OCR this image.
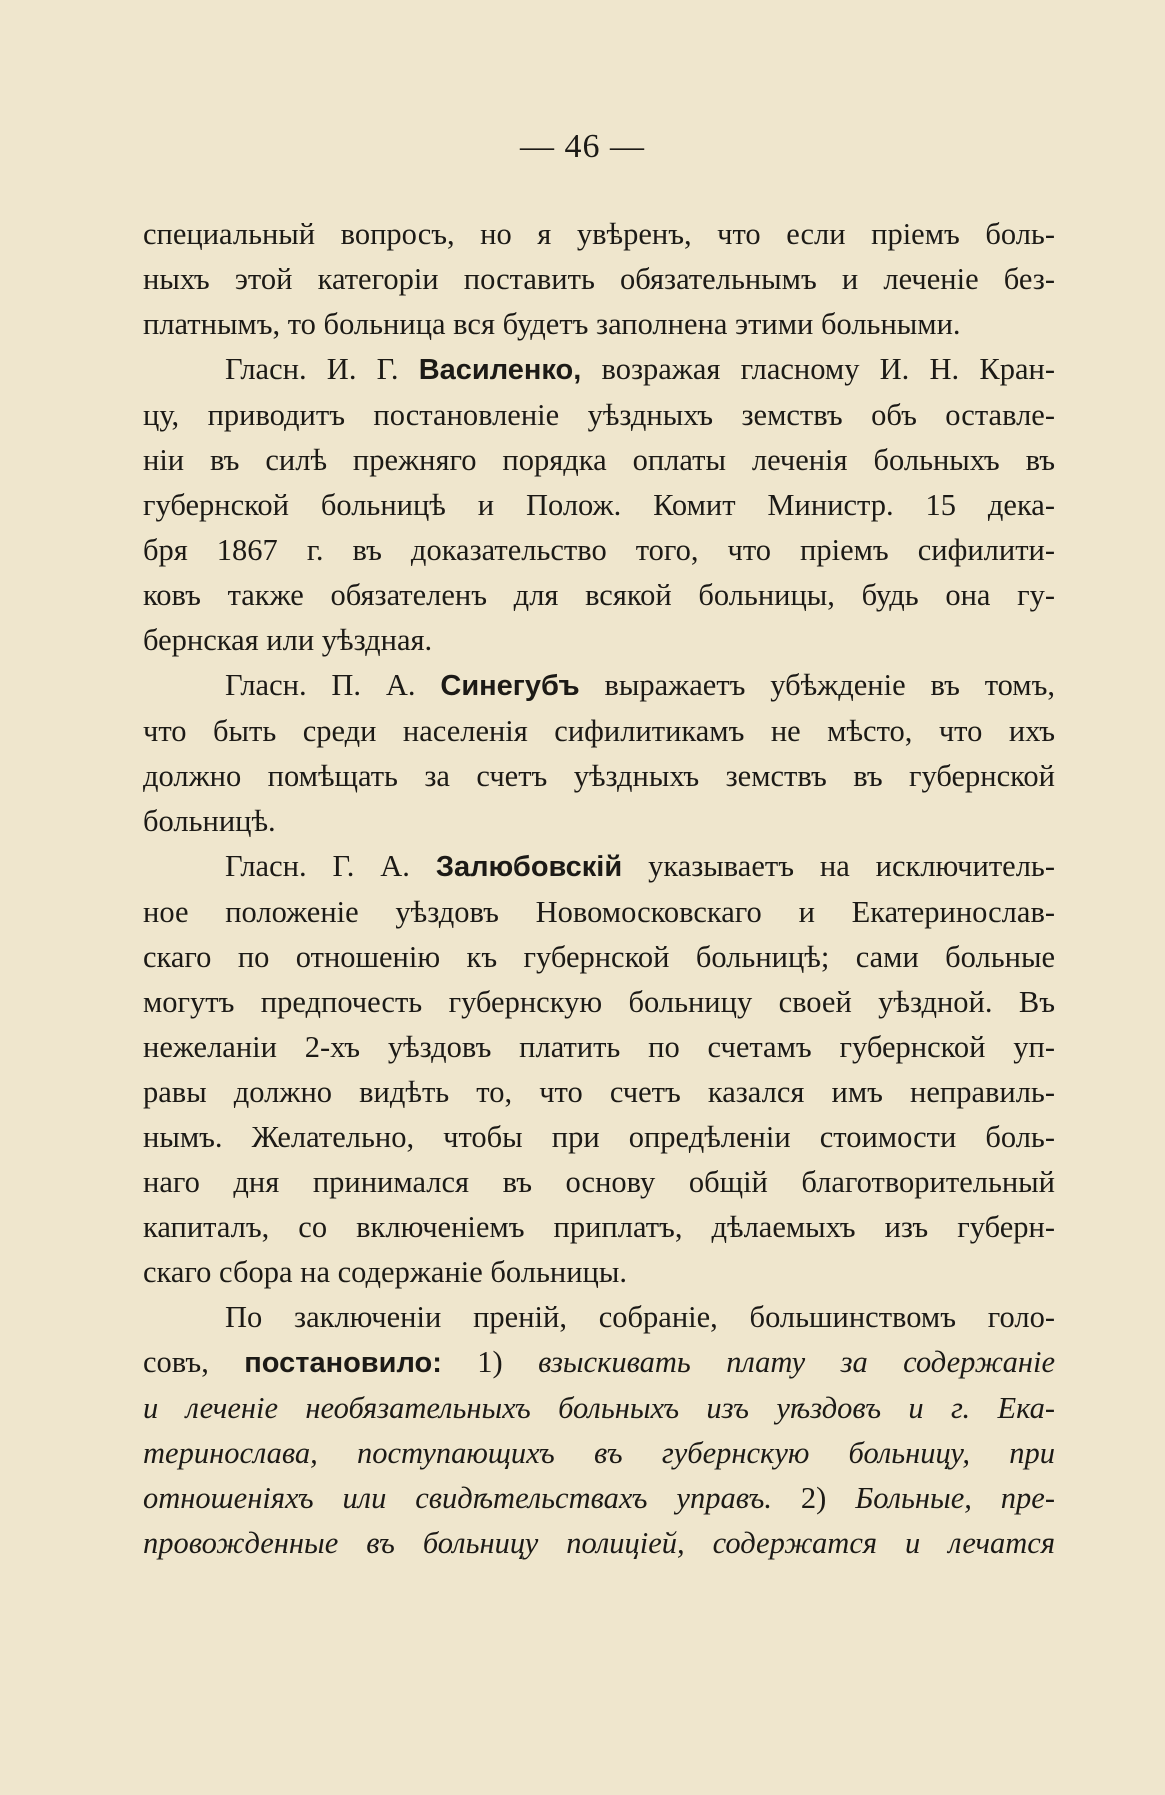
— 46 —

специальный вопросъ, но я увѣренъ, что если пріемъ боль-
ныхъ этой категоріи поставить обязательнымъ и леченіе без-
платнымъ, то больница вся будетъ заполнена этими больными.

Гласн. И. Г. Василенко, возражая гласному И. Н. Кран-
цу, приводитъ постановленіе уѣздныхъ земствъ объ оставле-
ніи въ силѣ прежняго порядка оплаты леченія больныхъ въ
губернской больницѣ и Полож. Комит Министр. 15 дека-
бря 1867 г. въ доказательство того, что пріемъ сифилити-
ковъ также обязателенъ для всякой больницы, будь она гу-
бернская или уѣздная.

Гласн. П. А. Синегубъ выражаетъ убѣжденіе въ томъ,
что быть среди населенія сифилитикамъ не мѣсто, что ихъ
должно помѣщать за счетъ уѣздныхъ земствъ въ губернской
больницѣ.

Гласн. Г. А. Залюбовскій указываетъ на исключитель-
ное положеніе уѣздовъ Новомосковскаго и Екатеринослав-
скаго по отношенію къ губернской больницѣ; сами больные
могутъ предпочесть губернскую больницу своей уѣздной. Въ
нежеланіи 2-хъ уѣздовъ платить по счетамъ губернской уп-
равы должно видѣть то, что счетъ казался имъ неправиль-
нымъ. Желательно, чтобы при опредѣленіи стоимости боль-
наго дня принимался въ основу общій благотворительный
капиталъ, со включеніемъ приплатъ, дѣлаемыхъ изъ губерн-
скаго сбора на содержаніе больницы.

По заключеніи преній, собраніе, большинствомъ голо-
совъ, постановило: 1) взыскивать плату за содержаніе
и леченіе необязательныхъ больныхъ изъ уѣздовъ и г. Ека-
теринослава, поступающихъ въ губернскую больницу, при
отношеніяхъ или свидѣтельствахъ управъ. 2) Больные, пре-
провожденные въ больницу полиціей, содержатся и лечатся
